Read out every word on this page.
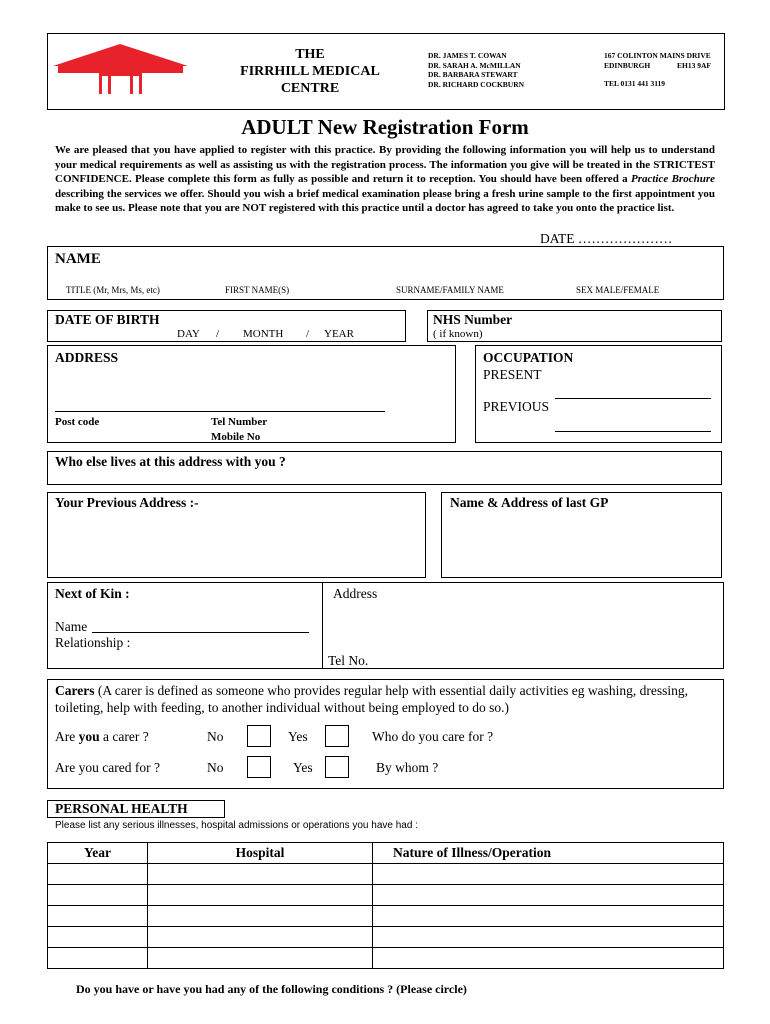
THE
FIRRHILL MEDICAL
CENTRE
DR. JAMES T. COWAN
DR. SARAH A. McMILLAN
DR. BARBARA STEWART
DR. RICHARD COCKBURN
167 COLINTON MAINS DRIVE
EDINBURGH	EH13 9AF
TEL 0131 441 3119
ADULT New Registration Form
We are pleased that you have applied to register with this practice. By providing the following information you will help us to understand your medical requirements as well as assisting us with the registration process. The information you give will be treated in the STRICTEST CONFIDENCE. Please complete this form as fully as possible and return it to reception. You should have been offered a Practice Brochure describing the services we offer. Should you wish a brief medical examination please bring a fresh urine sample to the first appointment you make to see us. Please note that you are NOT registered with this practice until a doctor has agreed to take you onto the practice list.
DATE …………………
NAME
TITLE (Mr, Mrs, Ms, etc)	FIRST NAME(S)	SURNAME/FAMILY NAME	SEX MALE/FEMALE
DATE OF BIRTH
DAY / MONTH / YEAR
NHS Number
( if known)
ADDRESS
Post code	Tel Number
Mobile No
OCCUPATION
PRESENT
PREVIOUS
Who else lives at this address with you ?
Your Previous Address :-	Name & Address of last GP
Next of Kin :
Name
Relationship :
Address
Tel No.
Carers (A carer is defined as someone who provides regular help with essential daily activities eg washing, dressing, toileting, help with feeding, to another individual without being employed to do so.)
Are you a carer ?	No	Yes	Who do you care for ?
Are you cared for ?	No	Yes	By whom ?
PERSONAL HEALTH
Please list any serious illnesses, hospital admissions or operations you have had :
Year	Hospital	Nature of Illness/Operation

Do you have or have you had any of the following conditions ? (Please circle)
